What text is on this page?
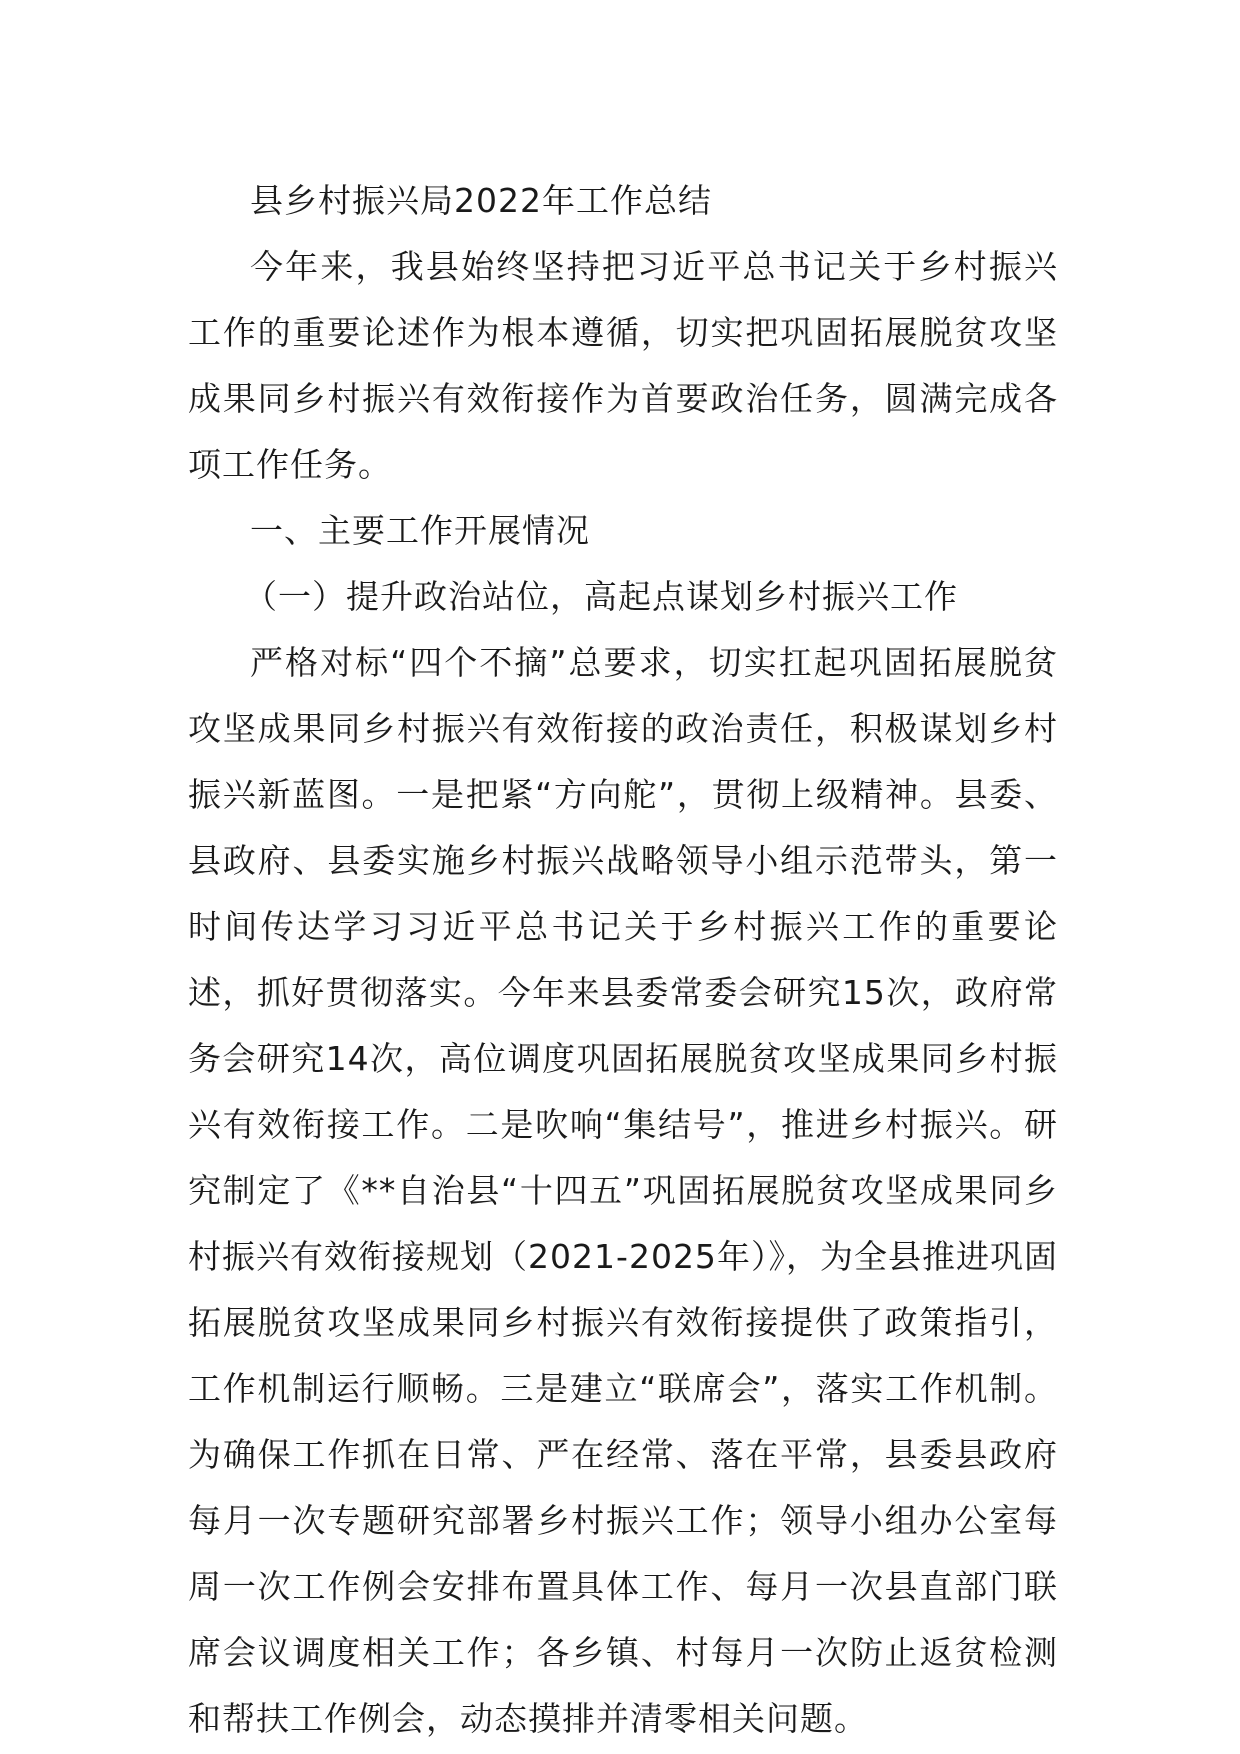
县乡村振兴局2022年工作总结

今年来，我县始终坚持把习近平总书记关于乡村振兴工作的重要论述作为根本遵循，切实把巩固拓展脱贫攻坚成果同乡村振兴有效衔接作为首要政治任务，圆满完成各项工作任务。

一、主要工作开展情况

（一）提升政治站位，高起点谋划乡村振兴工作

严格对标“四个不摘”总要求，切实扛起巩固拓展脱贫攻坚成果同乡村振兴有效衔接的政治责任，积极谋划乡村振兴新蓝图。一是把紧“方向舵”，贯彻上级精神。县委、县政府、县委实施乡村振兴战略领导小组示范带头，第一时间传达学习习近平总书记关于乡村振兴工作的重要论述，抓好贯彻落实。今年来县委常委会研究15次，政府常务会研究14次，高位调度巩固拓展脱贫攻坚成果同乡村振兴有效衔接工作。二是吹响“集结号”，推进乡村振兴。研究制定了《**自治县“十四五”巩固拓展脱贫攻坚成果同乡村振兴有效衔接规划（2021-2025年）》，为全县推进巩固拓展脱贫攻坚成果同乡村振兴有效衔接提供了政策指引，工作机制运行顺畅。三是建立“联席会”，落实工作机制。为确保工作抓在日常、严在经常、落在平常，县委县政府每月一次专题研究部署乡村振兴工作；领导小组办公室每周一次工作例会安排布置具体工作、每月一次县直部门联席会议调度相关工作；各乡镇、村每月一次防止返贫检测和帮扶工作例会，动态摸排并清零相关问题。
